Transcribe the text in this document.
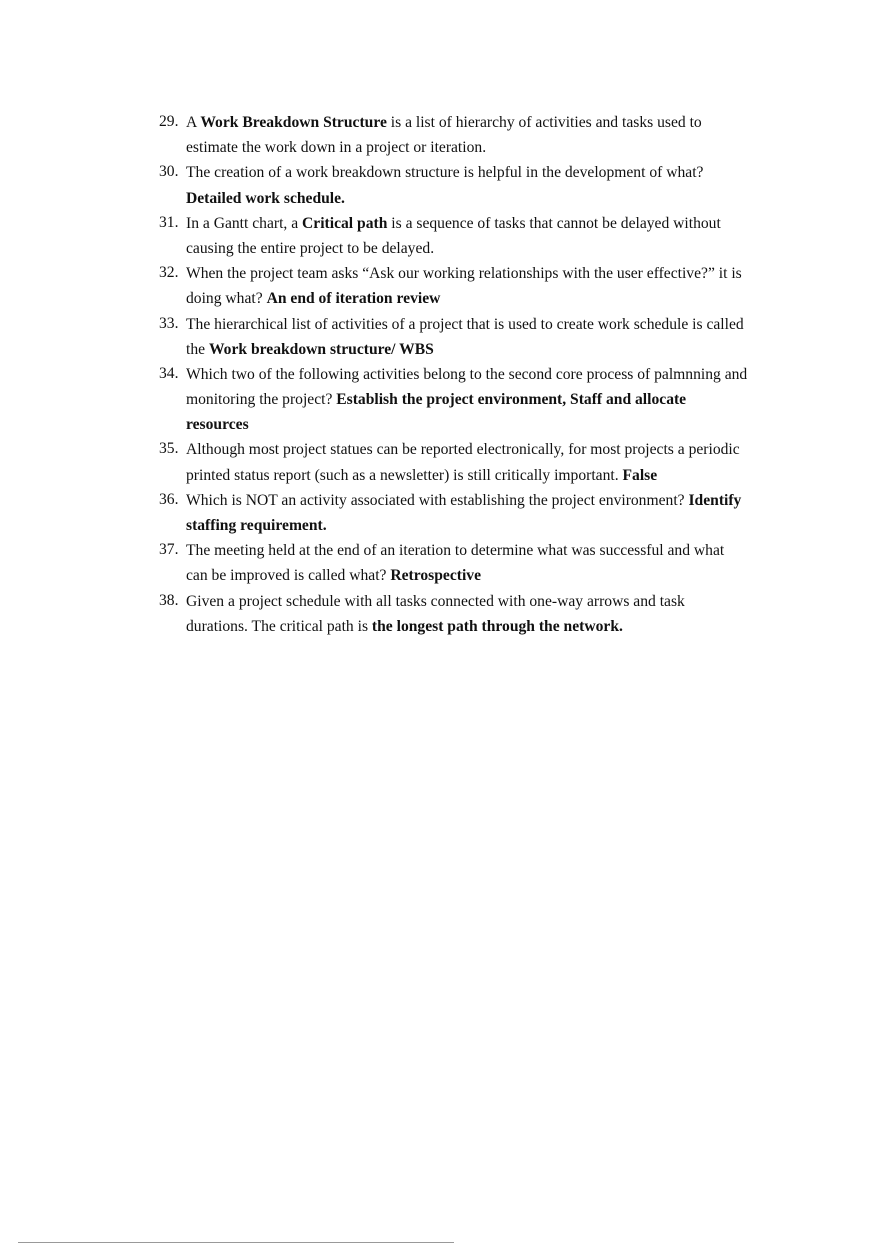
29. A Work Breakdown Structure is a list of hierarchy of activities and tasks used to
estimate the work down in a project or iteration.
30. The creation of a work breakdown structure is helpful in the development of what?
Detailed work schedule.
31. In a Gantt chart, a Critical path is a sequence of tasks that cannot be delayed without
causing the entire project to be delayed.
32. When the project team asks “Ask our working relationships with the user effective?” it is
doing what? An end of iteration review
33. The hierarchical list of activities of a project that is used to create work schedule is called
the Work breakdown structure/ WBS
34. Which two of the following activities belong to the second core process of palmnning and
monitoring the project? Establish the project environment, Staff and allocate
resources
35. Although most project statues can be reported electronically, for most projects a periodic
printed status report (such as a newsletter) is still critically important. False
36. Which is NOT an activity associated with establishing the project environment? Identify
staffing requirement.
37. The meeting held at the end of an iteration to determine what was successful and what
can be improved is called what? Retrospective
38. Given a project schedule with all tasks connected with one-way arrows and task
durations. The critical path is the longest path through the network.
